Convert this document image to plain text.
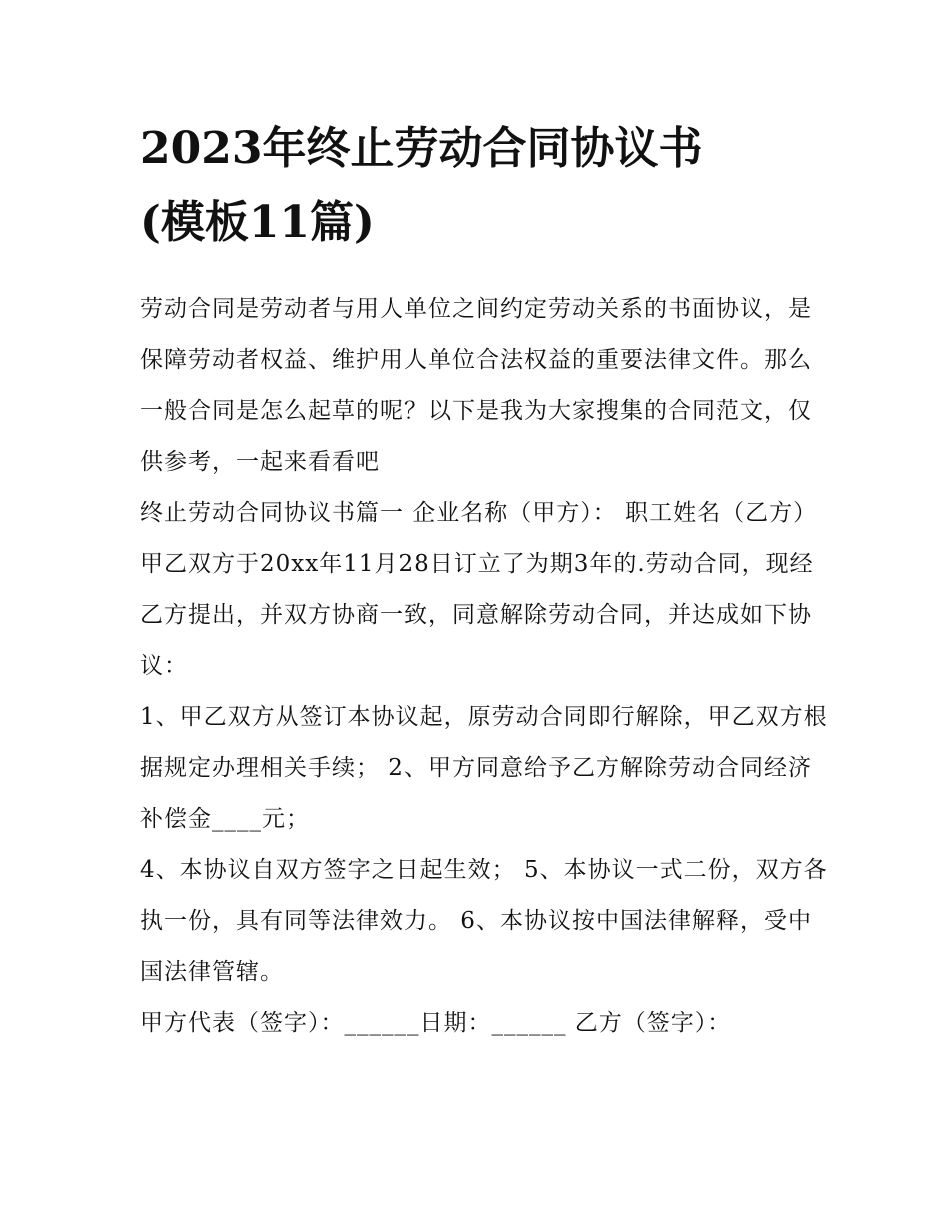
2023年终止劳动合同协议书
(模板11篇)

劳动合同是劳动者与用人单位之间约定劳动关系的书面协议，是保障劳动者权益、维护用人单位合法权益的重要法律文件。那么一般合同是怎么起草的呢？以下是我为大家搜集的合同范文，仅供参考，一起来看看吧

终止劳动合同协议书篇一 企业名称（甲方）： 职工姓名（乙方）

甲乙双方于20xx年11月28日订立了为期3年的.劳动合同，现经乙方提出，并双方协商一致，同意解除劳动合同，并达成如下协议：

1、甲乙双方从签订本协议起，原劳动合同即行解除，甲乙双方根据规定办理相关手续； 2、甲方同意给予乙方解除劳动合同经济补偿金____元；

4、本协议自双方签字之日起生效； 5、本协议一式二份，双方各执一份，具有同等法律效力。 6、本协议按中国法律解释，受中国法律管辖。

甲方代表（签字）：______日期：______ 乙方（签字）：
